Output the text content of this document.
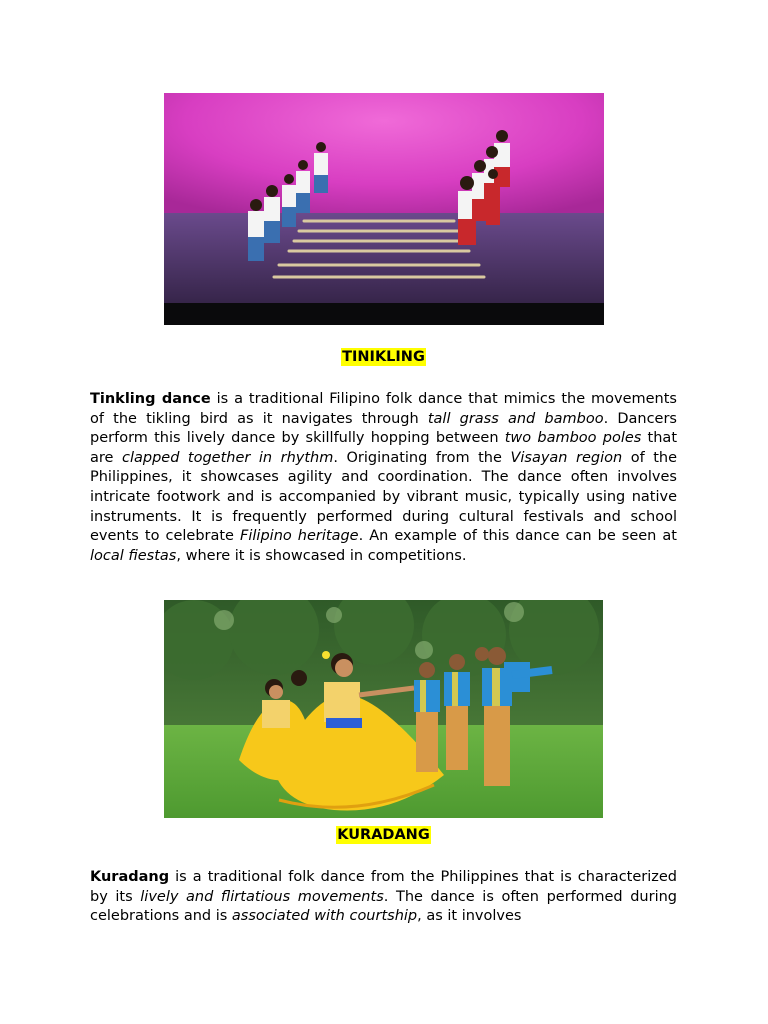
TINIKLING

Tinkling dance is a traditional Filipino folk dance that mimics the movements of the tikling bird as it navigates through tall grass and bamboo. Dancers perform this lively dance by skillfully hopping between two bamboo poles that are clapped together in rhythm. Originating from the Visayan region of the Philippines, it showcases agility and coordination. The dance often involves intricate footwork and is accompanied by vibrant music, typically using native instruments. It is frequently performed during cultural festivals and school events to celebrate Filipino heritage. An example of this dance can be seen at local fiestas, where it is showcased in competitions.

KURADANG

Kuradang is a traditional folk dance from the Philippines that is characterized by its lively and flirtatious movements. The dance is often performed during celebrations and is associated with courtship, as it involves
